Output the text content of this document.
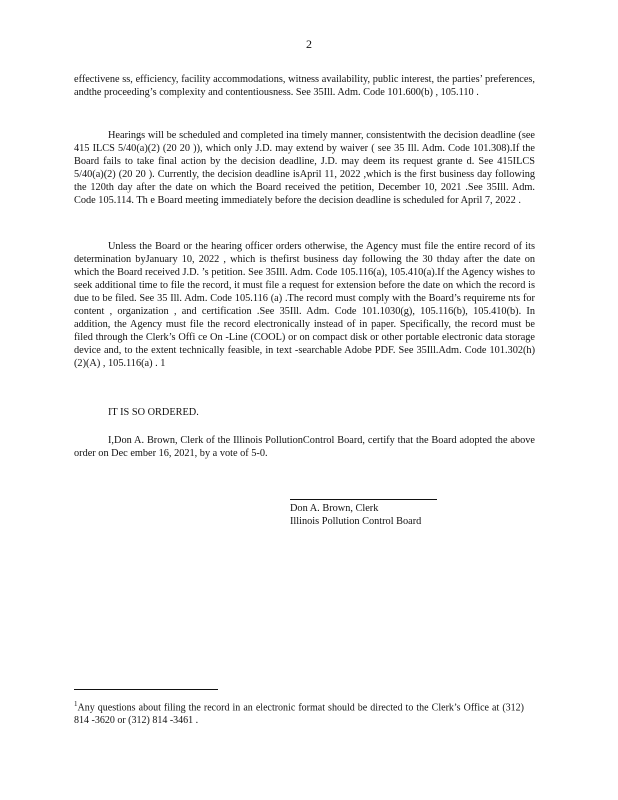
2

effectivene ss, efficiency, facility accommodations, witness availability, public interest, the parties’ preferences, andthe proceeding’s complexity and contentiousness. See 35Ill. Adm. Code 101.600(b) , 105.110 .

Hearings will be scheduled and completed ina timely manner, consistentwith the decision deadline (see 415 ILCS 5/40(a)(2) (20 20 )), which only J.D. may extend by waiver ( see 35 Ill. Adm. Code 101.308).If the Board fails to take final action by the decision deadline, J.D. may deem its request grante d. See 415ILCS 5/40(a)(2) (20 20 ). Currently, the decision deadline isApril 11, 2022 ,which is the first business day following the 120th day after the date on which the Board received the petition, December 10, 2021 .See 35Ill. Adm. Code 105.114. Th e Board meeting immediately before the decision deadline is scheduled for April 7, 2022 .

Unless the Board or the hearing officer orders otherwise, the Agency must file the entire record of its determination byJanuary 10, 2022 , which is thefirst business day following the 30 thday after the date on which the Board received J.D. ’s petition. See 35Ill. Adm. Code 105.116(a), 105.410(a).If the Agency wishes to seek additional time to file the record, it must file a request for extension before the date on which the record is due to be filed. See 35 Ill. Adm. Code 105.116 (a) .The record must comply with the Board’s requireme nts for content , organization , and certification .See 35Ill. Adm. Code 101.1030(g), 105.116(b), 105.410(b). In addition, the Agency must file the record electronically instead of in paper. Specifically, the record must be filed through the Clerk’s Offi ce On -Line (COOL) or on compact disk or other portable electronic data storage device and, to the extent technically feasible, in text -searchable Adobe PDF. See 35Ill.Adm. Code 101.302(h)(2)(A) , 105.116(a) . 1

IT IS SO ORDERED.

I,Don A. Brown, Clerk of the Illinois PollutionControl Board, certify that the Board adopted the above order on Dec ember 16, 2021, by a vote of 5-0.

Don A. Brown, Clerk
Illinois Pollution Control Board

$^1$Any questions about filing the record in an electronic format should be directed to the Clerk’s Office at (312) 814 -3620 or (312) 814 -3461 .
